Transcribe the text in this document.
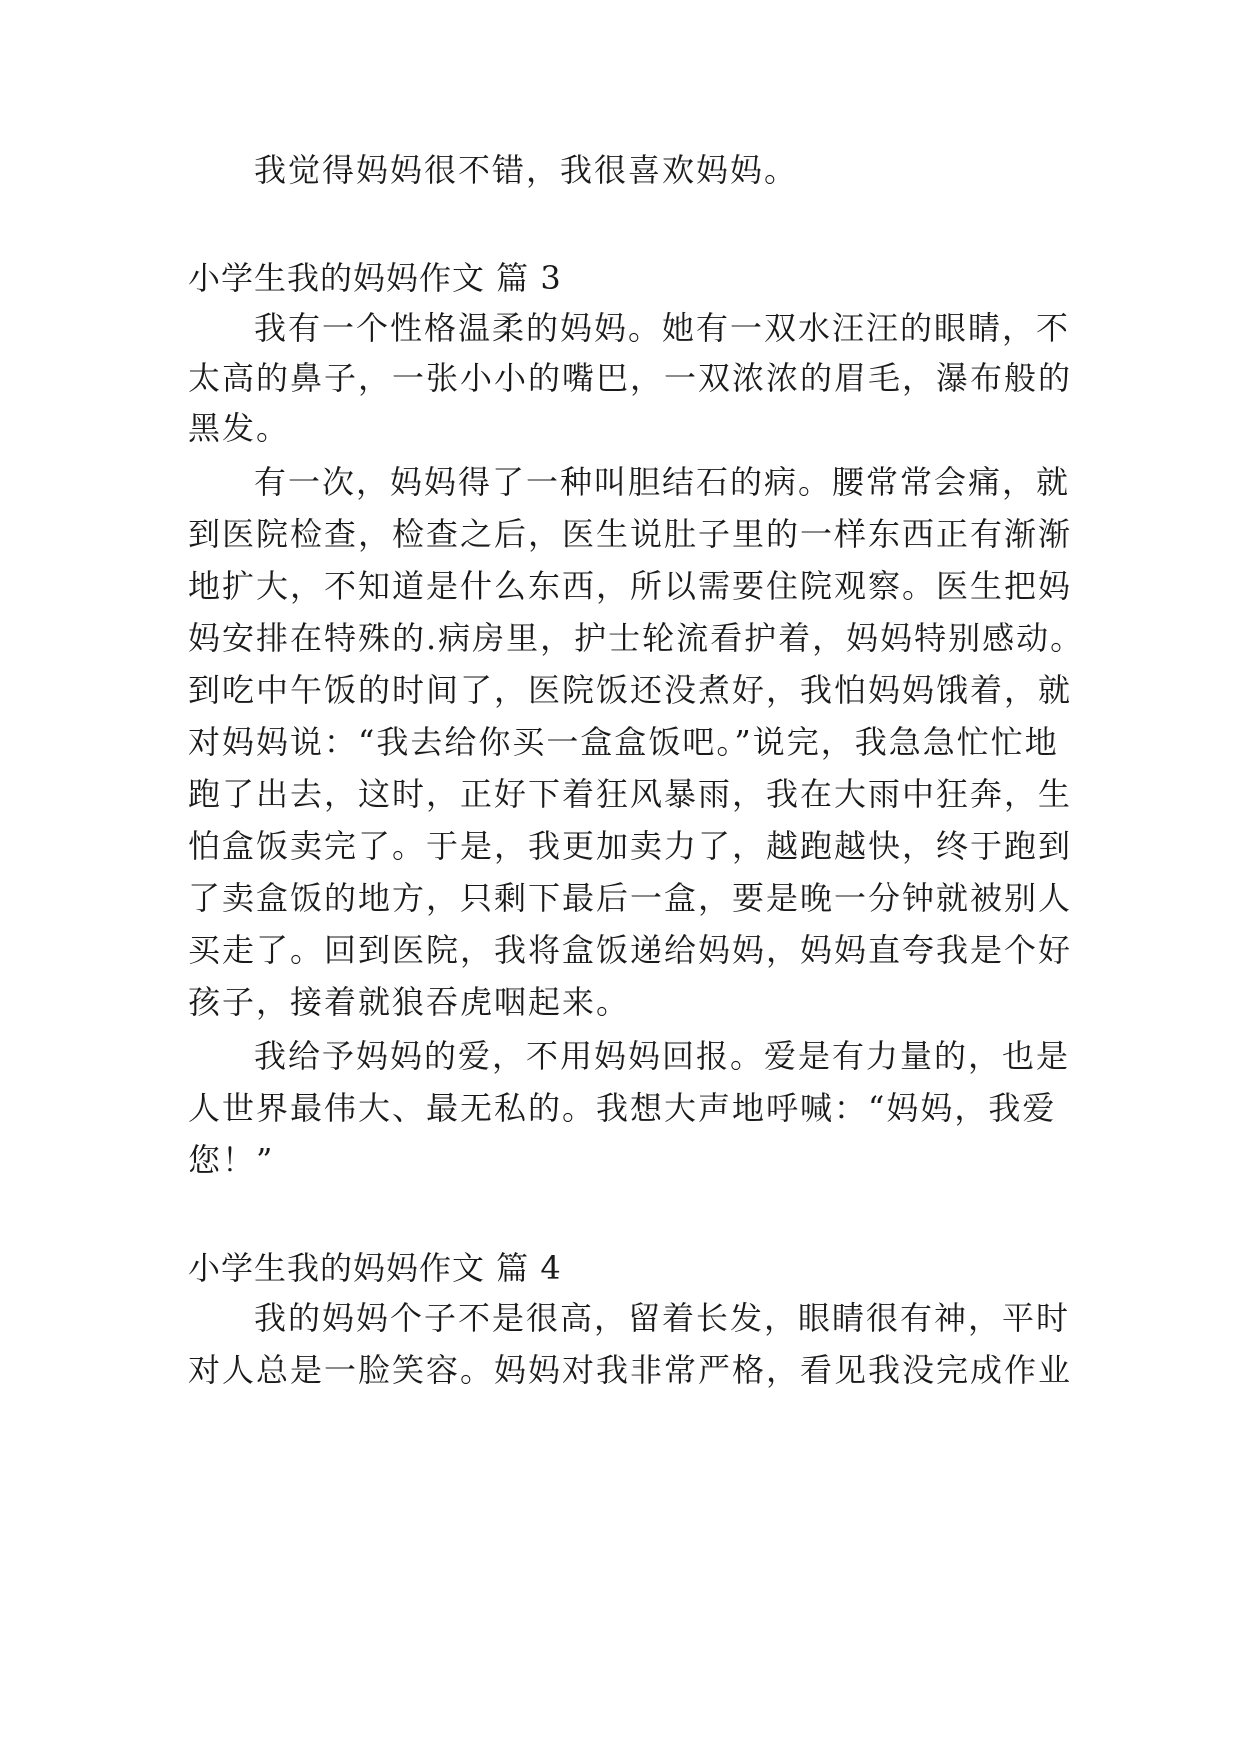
我觉得妈妈很不错，我很喜欢妈妈。
小学生我的妈妈作文 篇 3
我有一个性格温柔的妈妈。她有一双水汪汪的眼睛，不
太高的鼻子，一张小小的嘴巴，一双浓浓的眉毛，瀑布般的
黑发。
有一次，妈妈得了一种叫胆结石的病。腰常常会痛，就
到医院检查，检查之后，医生说肚子里的一样东西正有渐渐
地扩大，不知道是什么东西，所以需要住院观察。医生把妈
妈安排在特殊的.病房里，护士轮流看护着，妈妈特别感动。
到吃中午饭的时间了，医院饭还没煮好，我怕妈妈饿着，就
对妈妈说：“我去给你买一盒盒饭吧。”说完，我急急忙忙地
跑了出去，这时，正好下着狂风暴雨，我在大雨中狂奔，生
怕盒饭卖完了。于是，我更加卖力了，越跑越快，终于跑到
了卖盒饭的地方，只剩下最后一盒，要是晚一分钟就被别人
买走了。回到医院，我将盒饭递给妈妈，妈妈直夸我是个好
孩子，接着就狼吞虎咽起来。
我给予妈妈的爱，不用妈妈回报。爱是有力量的，也是
人世界最伟大、最无私的。我想大声地呼喊：“妈妈，我爱
您！”
小学生我的妈妈作文 篇 4
我的妈妈个子不是很高，留着长发，眼睛很有神，平时
对人总是一脸笑容。妈妈对我非常严格，看见我没完成作业
